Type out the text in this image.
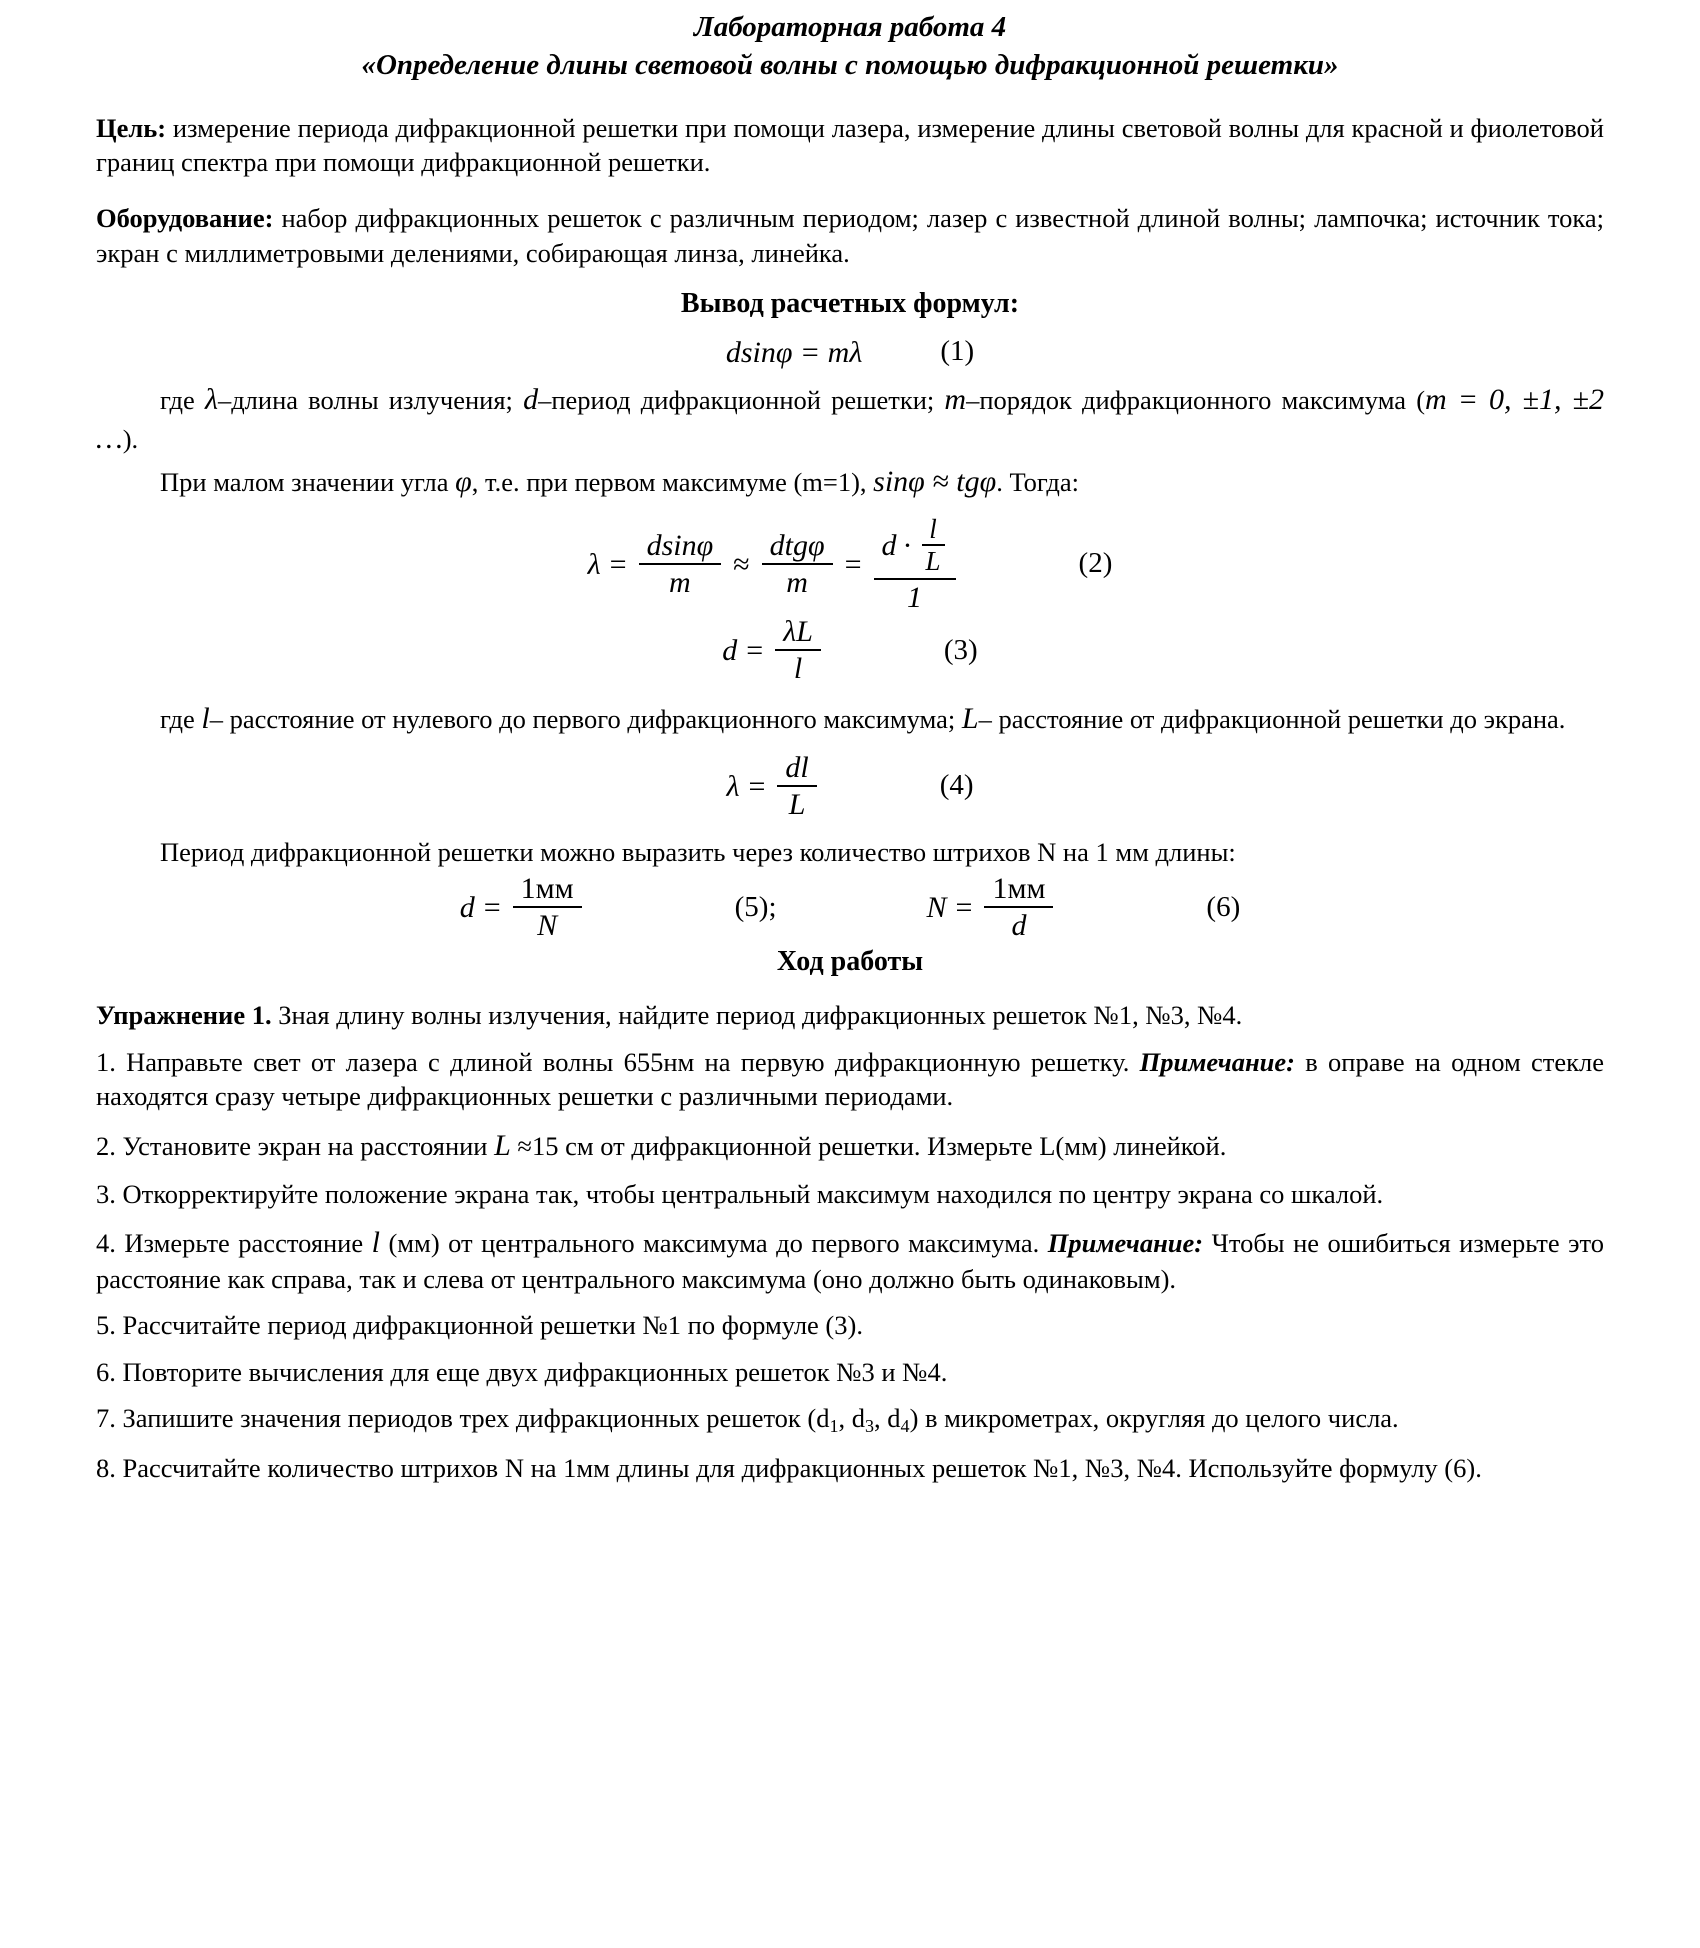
Лабораторная работа 4
«Определение длины световой волны с помощью дифракционной решетки»

Цель: измерение периода дифракционной решетки при помощи лазера, измерение длины световой волны для красной и фиолетовой границ спектра при помощи дифракционной решетки.

Оборудование: набор дифракционных решеток с различным периодом; лазер с известной длиной волны; лампочка; источник тока; экран с миллиметровыми делениями, собирающая линза, линейка.

Вывод расчетных формул:
dsinφ = mλ	(1)

где λ–длина волны излучения; d–период дифракционной решетки; m–порядок дифракционного максимума (m = 0, ±1, ±2 …).

При малом значении угла φ, т.е. при первом максимуме (m=1), sinφ ≈ tgφ. Тогда:

$\lambda = \frac{dsin\varphi}{m} \approx \frac{\text{dtgφ}}{m} = \frac{d \cdot \frac{l}{L}}{1}$	(2)
$d = \frac{\lambda L}{l}$	(3)

где l– расстояние от нулевого до первого дифракционного максимума; L– расстояние от дифракционной решетки до экрана.

$\lambda = \frac{dl}{L}$	(4)

Период дифракционной решетки можно выразить через количество штрихов N на 1 мм длины:

$d = \frac{1мм}{N}$	(5);	$N = \frac{1мм}{d}$	(6)
Ход работы

Упражнение 1. Зная длину волны излучения, найдите период дифракционных решеток №1, №3, №4.

1. Направьте свет от лазера с длиной волны 655нм на первую дифракционную решетку. Примечание: в оправе на одном стекле находятся сразу четыре дифракционных решетки с различными периодами.

2. Установите экран на расстоянии L ≈15 см от дифракционной решетки. Измерьте L(мм) линейкой.

3. Откорректируйте положение экрана так, чтобы центральный максимум находился по центру экрана со шкалой.

4. Измерьте расстояние l (мм) от центрального максимума до первого максимума. Примечание: Чтобы не ошибиться измерьте это расстояние как справа, так и слева от центрального максимума (оно должно быть одинаковым).

5. Рассчитайте период дифракционной решетки №1 по формуле (3).

6. Повторите вычисления для еще двух дифракционных решеток №3 и №4.

7. Запишите значения периодов трех дифракционных решеток ($d_1$, $d_3$, $d_4$) в микрометрах, округляя до целого числа.

8. Рассчитайте количество штрихов N на 1мм длины для дифракционных решеток №1, №3, №4. Используйте формулу (6).
